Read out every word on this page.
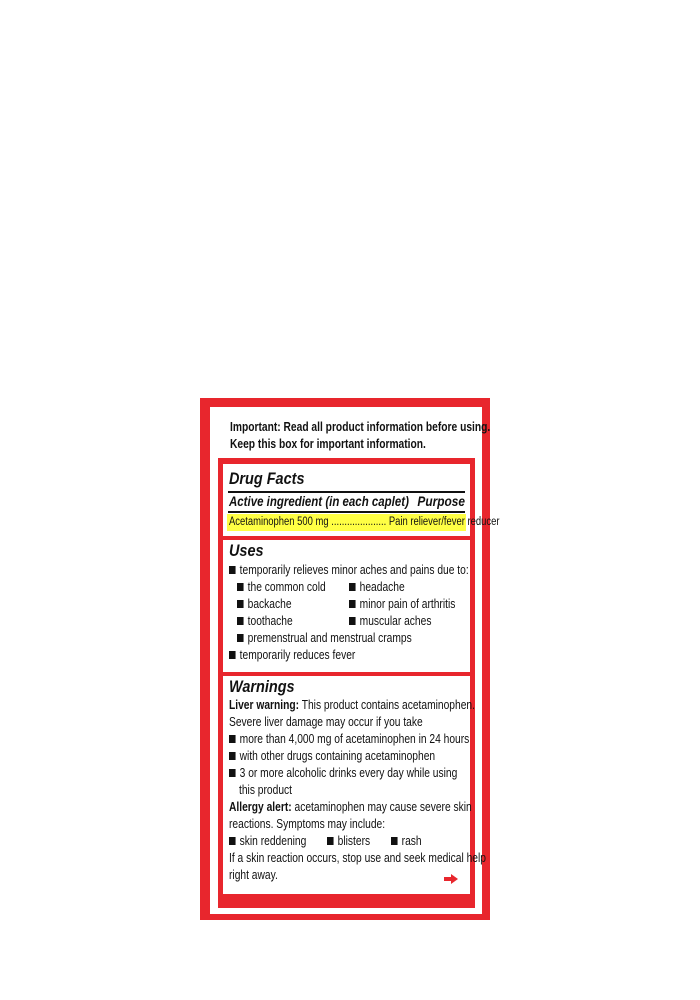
Important: Read all product information before using.
Keep this box for important information.
Drug Facts
Active ingredient (in each caplet) Purpose
Acetaminophen 500 mg ..................... Pain reliever/fever reducer
Uses
temporarily relieves minor aches and pains due to:
the common cold	headache
backache	minor pain of arthritis
toothache	muscular aches
premenstrual and menstrual cramps
temporarily reduces fever
Warnings
Liver warning: This product contains acetaminophen.
Severe liver damage may occur if you take
more than 4,000 mg of acetaminophen in 24 hours
with other drugs containing acetaminophen
3 or more alcoholic drinks every day while using
this product
Allergy alert: acetaminophen may cause severe skin
reactions. Symptoms may include:
skin reddening	blisters	rash
If a skin reaction occurs, stop use and seek medical help
right away.
